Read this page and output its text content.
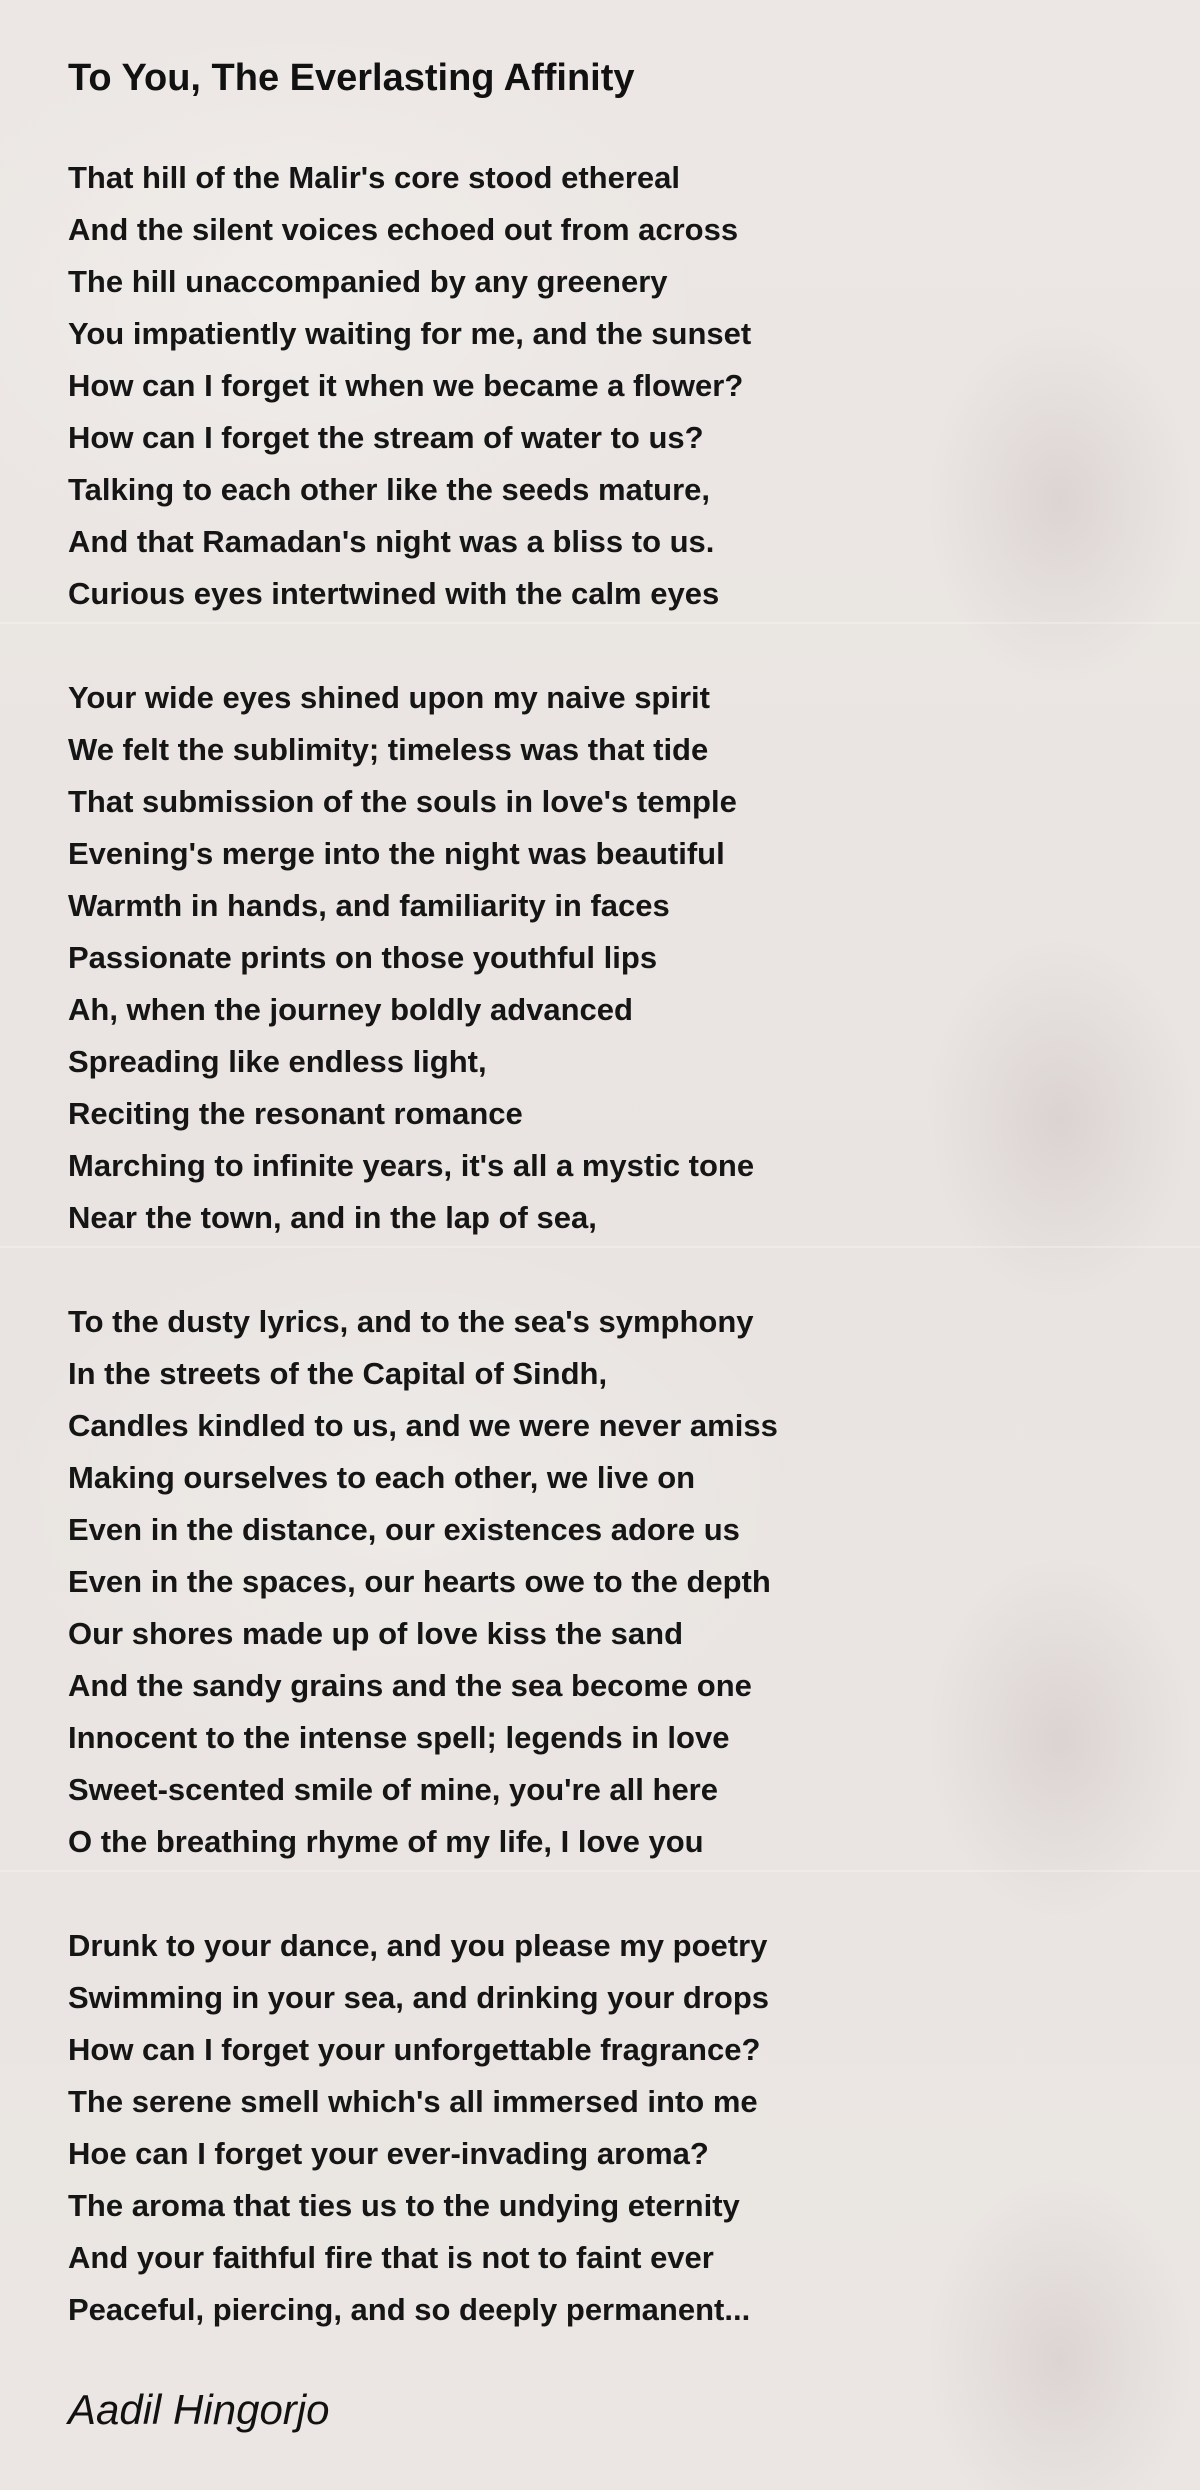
To You, The Everlasting Affinity
That hill of the Malir's core stood ethereal
And the silent voices echoed out from across
The hill unaccompanied by any greenery
You impatiently waiting for me, and the sunset
How can I forget it when we became a flower?
How can I forget the stream of water to us?
Talking to each other like the seeds mature,
And that Ramadan's night was a bliss to us.
Curious eyes intertwined with the calm eyes
Your wide eyes shined upon my naive spirit
We felt the sublimity; timeless was that tide
That submission of the souls in love's temple
Evening's merge into the night was beautiful
Warmth in hands, and familiarity in faces
Passionate prints on those youthful lips
Ah, when the journey boldly advanced
Spreading like endless light,
Reciting the resonant romance
Marching to infinite years, it's all a mystic tone
Near the town, and in the lap of sea,
To the dusty lyrics, and to the sea's symphony
In the streets of the Capital of Sindh,
Candles kindled to us, and we were never amiss
Making ourselves to each other, we live on
Even in the distance, our existences adore us
Even in the spaces, our hearts owe to the depth
Our shores made up of love kiss the sand
And the sandy grains and the sea become one
Innocent to the intense spell; legends in love
Sweet-scented smile of mine, you're all here
O the breathing rhyme of my life, I love you
Drunk to your dance, and you please my poetry
Swimming in your sea, and drinking your drops
How can I forget your unforgettable fragrance?
The serene smell which's all immersed into me
Hoe can I forget your ever-invading aroma?
The aroma that ties us to the undying eternity
And your faithful fire that is not to faint ever
Peaceful, piercing, and so deeply permanent...

Aadil Hingorjo
